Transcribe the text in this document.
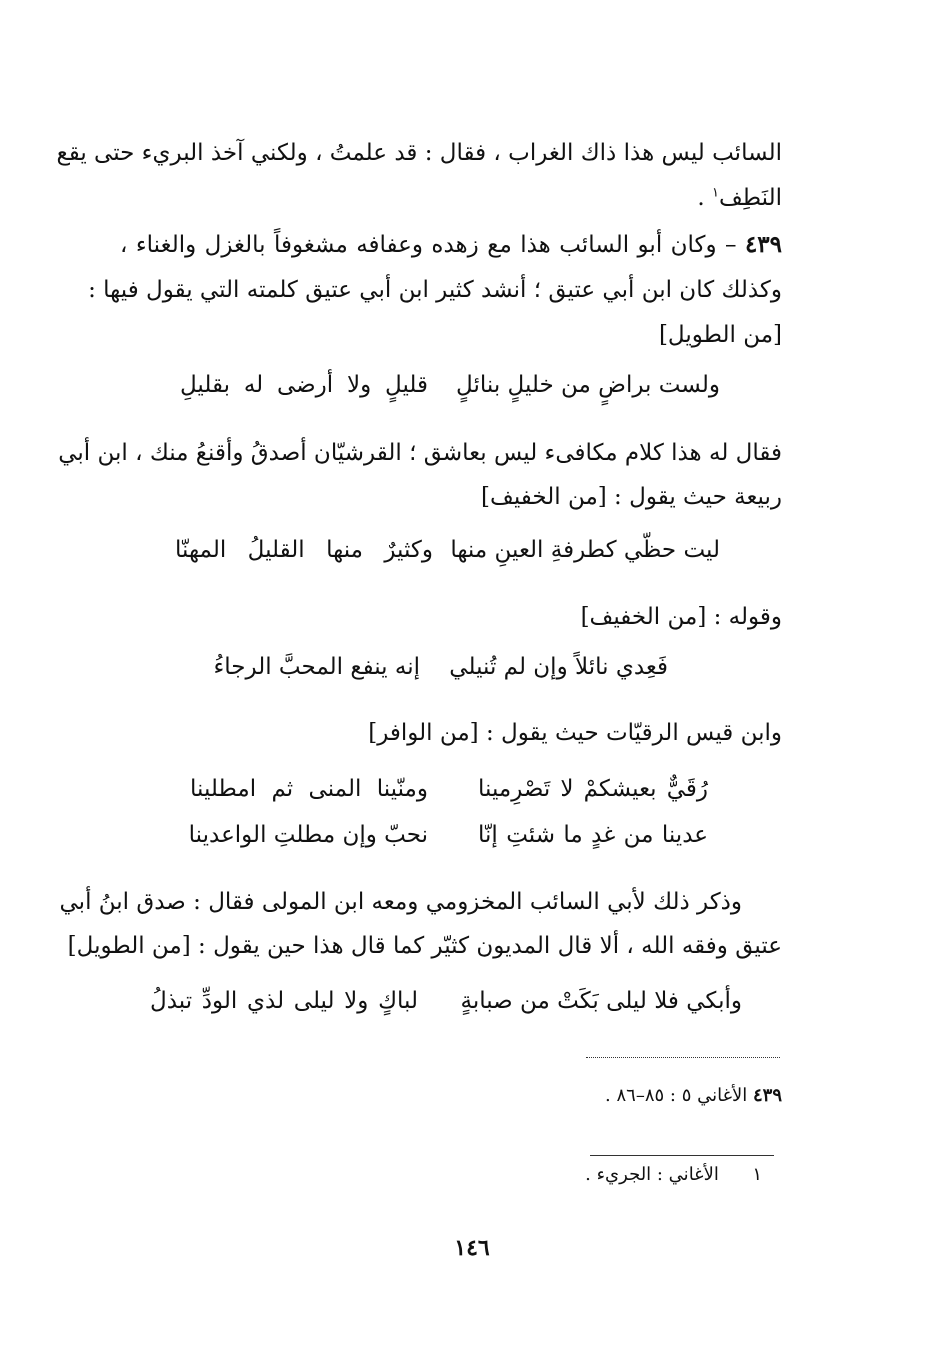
السائب ليس هذا ذاك الغراب ، فقال : قد علمتُ ، ولكني آخذ البريء حتى يقع
النَطِف$^١$ .
٤٣٩ – وكان أبو السائب هذا مع زهده وعفافه مشغوفاً بالغزل والغناء ،
وكذلك كان ابن أبي عتيق ؛ أنشد كثير ابن أبي عتيق كلمته التي يقول فيها :
[من الطويل]
ولست براضٍ من خليلٍ بنائلٍ
قليلٍ ولا أرضى له بقليلِ
فقال له هذا كلام مكافىء ليس بعاشق ؛ القرشيّان أصدقُ وأقنعُ منك ، ابن أبي
ربيعة حيث يقول : [من الخفيف]
ليت حظّي كطرفةِ العينِ منها
وكثيرٌ منها القليلُ المهنّا
وقوله : [من الخفيف]
فَعِدي نائلاً وإن لم تُنيلي
إنه ينفع المحبَّ الرجاءُ
وابن قيس الرقيّات حيث يقول : [من الوافر]
رُقَيٌّ بعيشكمْ لا تَصْرِمينا
ومنّينا المنى ثم امطلينا
عدينا من غدٍ ما شئتِ إنّا
نحبّ وإن مطلتِ الواعدينا
وذكر ذلك لأبي السائب المخزومي ومعه ابن المولى فقال : صدق ابنُ أبي
عتيق وفقه الله ، ألا قال المديون كثيّر كما قال هذا حين يقول : [من الطويل]
وأبكي فلا ليلى بَكَتْ من صبابةٍ
لباكٍ ولا ليلى لذي الودِّ تبذلُ
٤٣٩ الأغاني ٥ : ٨٥–٨٦ .
١  الأغاني : الجريء .
١٤٦
